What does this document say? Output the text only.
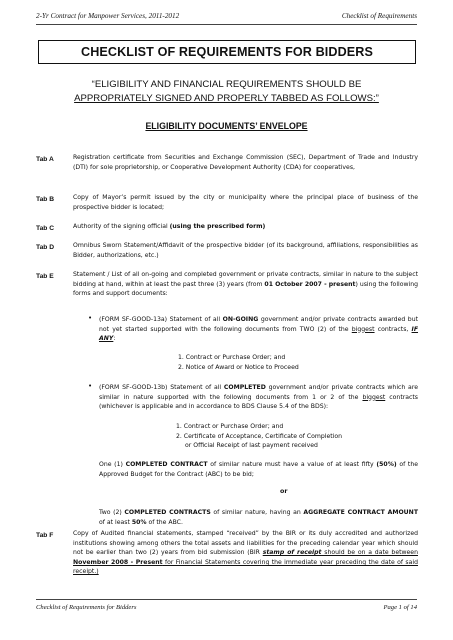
2-Yr Contract for Manpower Services, 2011-2012	Checklist of Requirements
CHECKLIST OF REQUIREMENTS FOR BIDDERS
“ELIGIBILITY AND FINANCIAL REQUIREMENTS SHOULD BE
APPROPRIATELY SIGNED AND PROPERLY TABBED AS FOLLOWS:”
ELIGIBILITY DOCUMENTS’ ENVELOPE
Tab A	Registration certificate from Securities and Exchange Commission (SEC), Department of Trade and Industry (DTI) for sole proprietorship, or Cooperative Development Authority (CDA) for cooperatives,
Tab B	Copy of Mayor’s permit issued by the city or municipality where the principal place of business of the prospective bidder is located;
Tab C	Authority of the signing official (using the prescribed form)
Tab D	Omnibus Sworn Statement/Affidavit of the prospective bidder (of its background, affiliations, responsibilities as Bidder, authorizations, etc.)
Tab E	Statement / List of all on-going and completed government or private contracts, similar in nature to the subject bidding at hand, within at least the past three (3) years (from 01 October 2007 - present) using the following forms and support documents:
• (FORM SF-GOOD-13a) Statement of all ON-GOING government and/or private contracts awarded but not yet started supported with the following documents from TWO (2) of the biggest contracts, IF ANY:
1. Contract or Purchase Order; and
2. Notice of Award or Notice to Proceed
• (FORM SF-GOOD-13b) Statement of all COMPLETED government and/or private contracts which are similar in nature supported with the following documents from 1 or 2 of the biggest contracts (whichever is applicable and in accordance to BDS Clause 5.4 of the BDS):
1. Contract or Purchase Order; and
2. Certificate of Acceptance, Certificate of Completion
or Official Receipt of last payment received
One (1) COMPLETED CONTRACT of similar nature must have a value of at least fifty (50%) of the Approved Budget for the Contract (ABC) to be bid;
or
Two (2) COMPLETED CONTRACTS of similar nature, having an AGGREGATE CONTRACT AMOUNT of at least 50% of the ABC.
Tab F	Copy of Audited financial statements, stamped “received” by the BIR or its duly accredited and authorized institutions showing among others the total assets and liabilities for the preceding calendar year which should not be earlier than two (2) years from bid submission (BIR stamp of receipt should be on a date between November 2008 - Present for Financial Statements covering the immediate year preceding the date of said receipt.)
Checklist of Requirements for Bidders	Page 1 of 14
